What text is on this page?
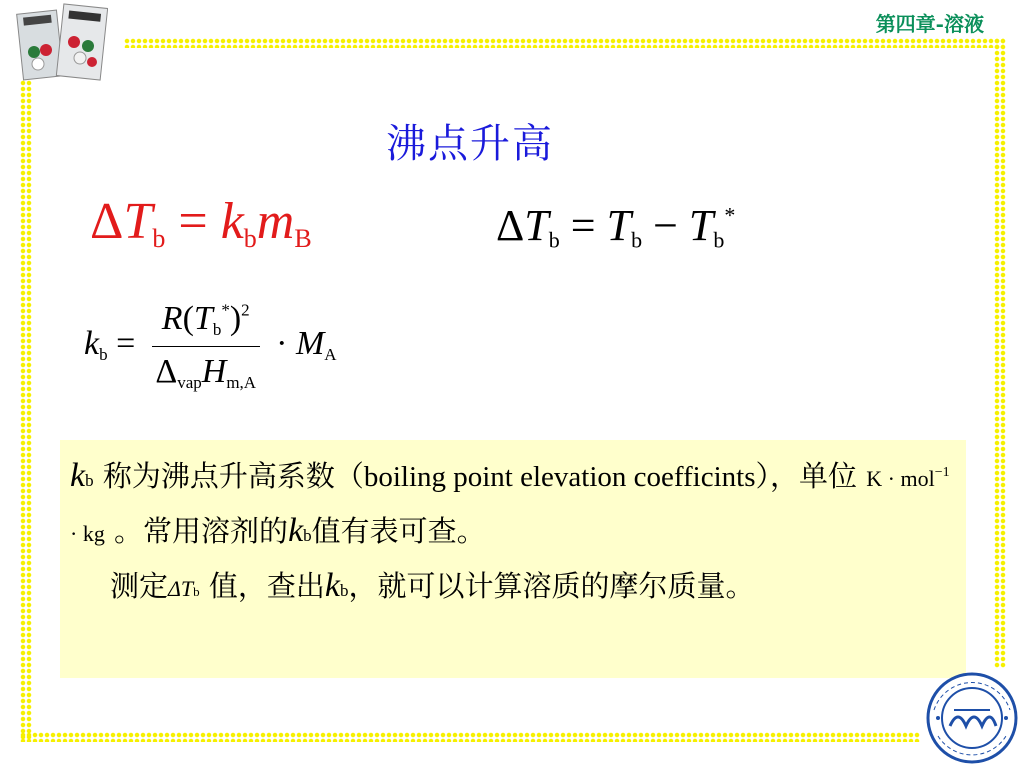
第四章-溶液
沸点升高
$\Delta T_b = k_bm_B$	$\Delta T_b = T_b - T_b^*$
$k_b = \frac{R(T_b^*)^2}{\Delta_{vap}H_{m,A}} \cdot M_A$
kb 称为沸点升高系数（boiling point elevation coefficints），单位 K · mol$^{-1}$ · kg 。常用溶剂的kb值有表可查。
测定ΔTb 值，查出kb，就可以计算溶质的摩尔质量。
